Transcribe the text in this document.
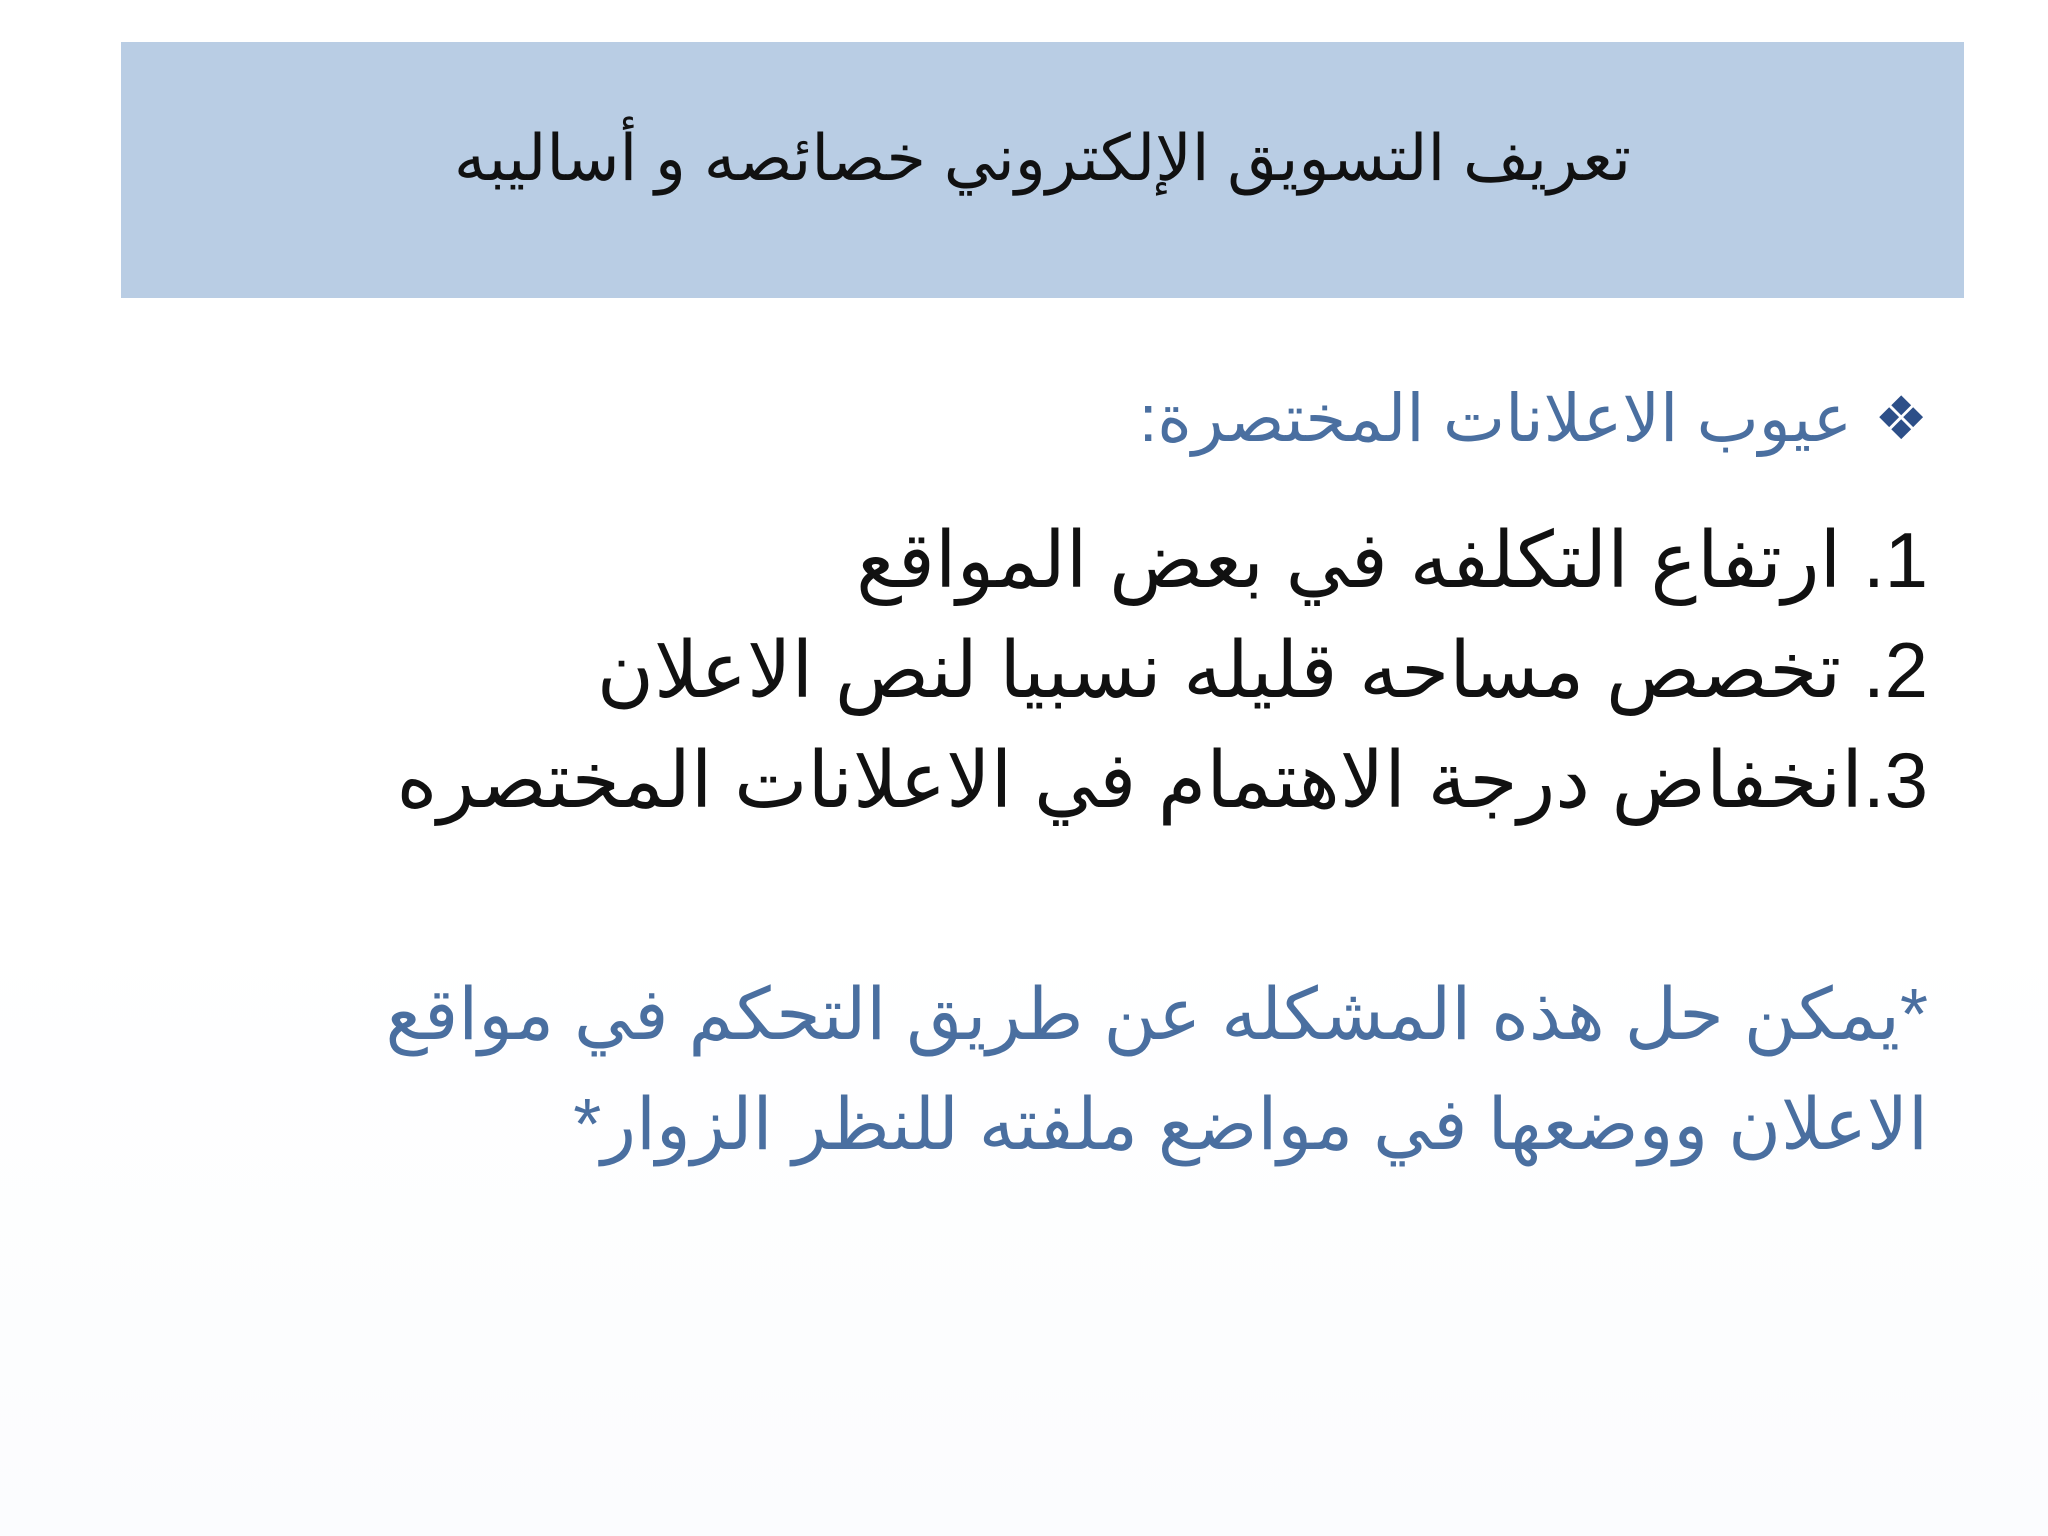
تعريف التسويق الإلكتروني خصائصه و أساليبه
❖
عيوب الاعلانات المختصرة:
1. ارتفاع التكلفه في بعض المواقع
2. تخصص مساحه قليله نسبيا لنص الاعلان
3.انخفاض درجة الاهتمام في الاعلانات المختصره
*يمكن حل هذه المشكله عن طريق التحكم في مواقع الاعلان ووضعها في مواضع ملفته للنظر الزوار*
